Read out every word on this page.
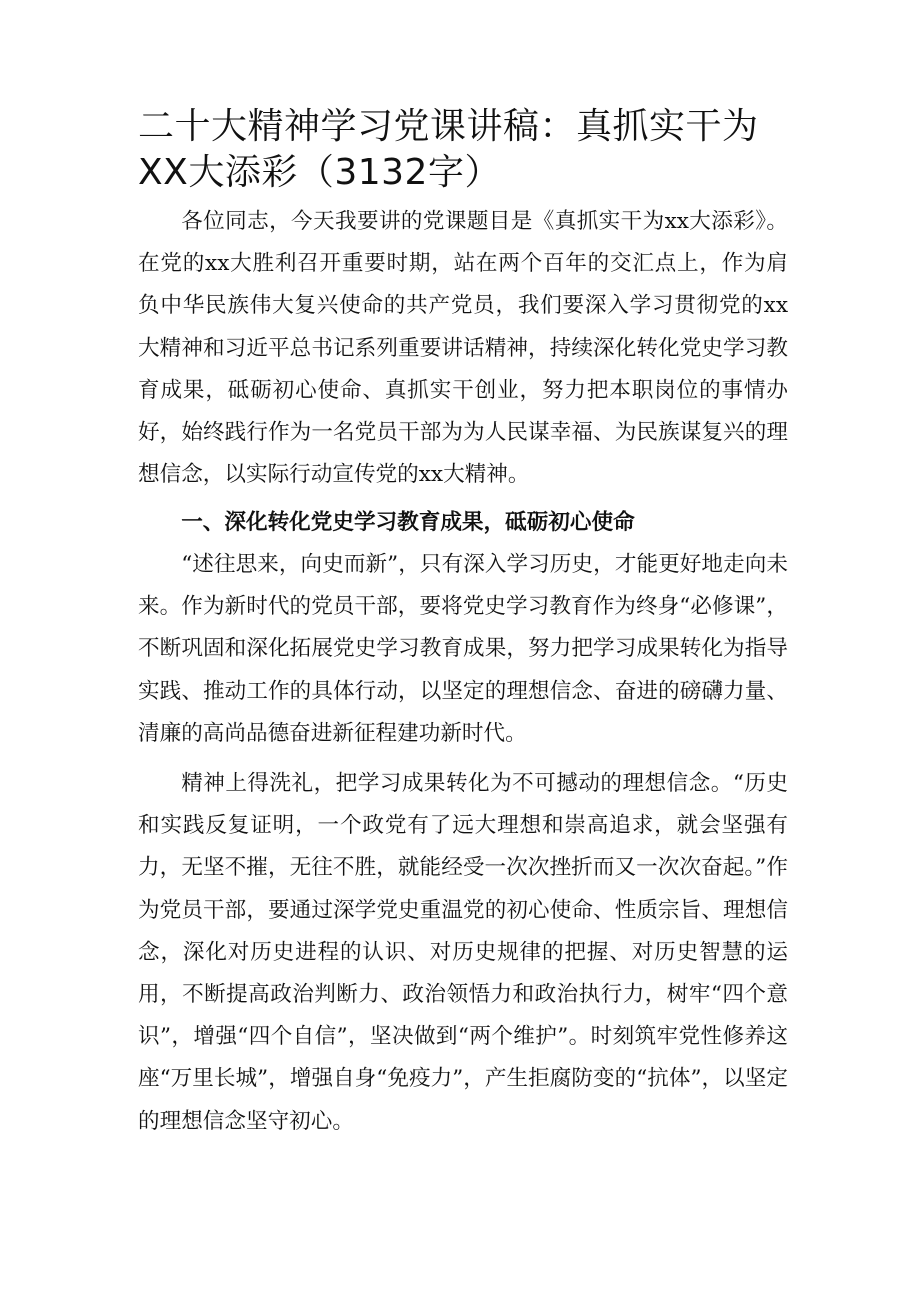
二十大精神学习党课讲稿：真抓实干为XX大添彩（3132字）

各位同志，今天我要讲的党课题目是《真抓实干为xx大添彩》。在党的xx大胜利召开重要时期，站在两个百年的交汇点上，作为肩负中华民族伟大复兴使命的共产党员，我们要深入学习贯彻党的xx大精神和习近平总书记系列重要讲话精神，持续深化转化党史学习教育成果，砥砺初心使命、真抓实干创业，努力把本职岗位的事情办好，始终践行作为一名党员干部为为人民谋幸福、为民族谋复兴的理想信念，以实际行动宣传党的xx大精神。

一、深化转化党史学习教育成果，砥砺初心使命

“述往思来，向史而新”，只有深入学习历史，才能更好地走向未来。作为新时代的党员干部，要将党史学习教育作为终身“必修课”，不断巩固和深化拓展党史学习教育成果，努力把学习成果转化为指导实践、推动工作的具体行动，以坚定的理想信念、奋进的磅礴力量、清廉的高尚品德奋进新征程建功新时代。

精神上得洗礼，把学习成果转化为不可撼动的理想信念。“历史和实践反复证明，一个政党有了远大理想和崇高追求，就会坚强有力，无坚不摧，无往不胜，就能经受一次次挫折而又一次次奋起。”作为党员干部，要通过深学党史重温党的初心使命、性质宗旨、理想信念，深化对历史进程的认识、对历史规律的把握、对历史智慧的运用，不断提高政治判断力、政治领悟力和政治执行力，树牢“四个意识”，增强“四个自信”，坚决做到“两个维护”。时刻筑牢党性修养这座“万里长城”，增强自身“免疫力”，产生拒腐防变的“抗体”，以坚定的理想信念坚守初心。
